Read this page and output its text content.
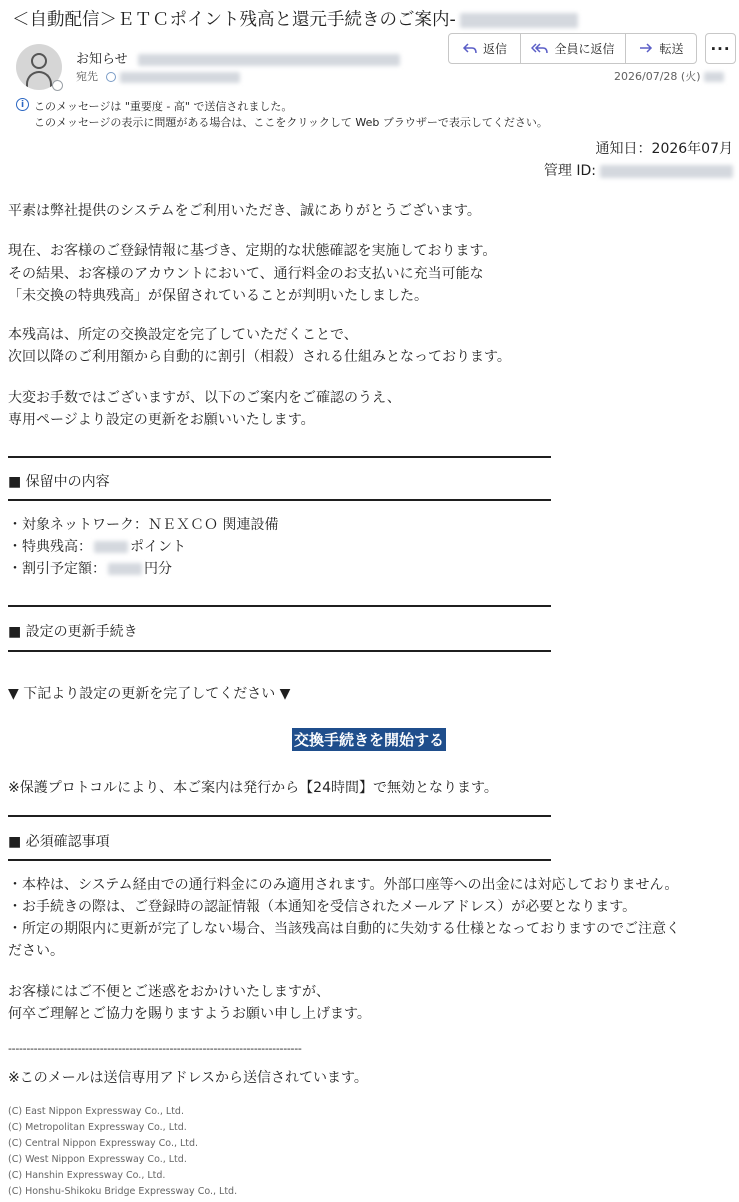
＜自動配信＞ＥＴＣポイント残高と還元手続きのご案内-
お知らせ
宛先
返信	全員に返信	転送 ···
2026/07/28 (火)
i このメッセージは "重要度 - 高" で送信されました。
このメッセージの表示に問題がある場合は、ここをクリックして Web ブラウザーで表示してください。
通知日：2026年07月
管理 ID:
平素は弊社提供のシステムをご利用いただき、誠にありがとうございます。
現在、お客様のご登録情報に基づき、定期的な状態確認を実施しております。
その結果、お客様のアカウントにおいて、通行料金のお支払いに充当可能な
「未交換の特典残高」が保留されていることが判明いたしました。
本残高は、所定の交換設定を完了していただくことで、
次回以降のご利用額から自動的に割引（相殺）される仕組みとなっております。
大変お手数ではございますが、以下のご案内をご確認のうえ、
専用ページより設定の更新をお願いいたします。
■ 保留中の内容
・対象ネットワーク：ＮＥＸＣＯ 関連設備
・特典残高：	ポイント
・割引予定額：	円分
■ 設定の更新手続き
▼ 下記より設定の更新を完了してください ▼
交換手続きを開始する
※保護プロトコルにより、本ご案内は発行から【24時間】で無効となります。
■ 必須確認事項
・本枠は、システム経由での通行料金にのみ適用されます。外部口座等への出金には対応しておりません。
・お手続きの際は、ご登録時の認証情報（本通知を受信されたメールアドレス）が必要となります。
・所定の期限内に更新が完了しない場合、当該残高は自動的に失効する仕様となっておりますのでご注意く
ださい。
お客様にはご不便とご迷惑をおかけいたしますが、
何卒ご理解とご協力を賜りますようお願い申し上げます。
--------------------------------------------------------------------------------
※このメールは送信専用アドレスから送信されています。
(C) East Nippon Expressway Co., Ltd.
(C) Metropolitan Expressway Co., Ltd.
(C) Central Nippon Expressway Co., Ltd.
(C) West Nippon Expressway Co., Ltd.
(C) Hanshin Expressway Co., Ltd.
(C) Honshu-Shikoku Bridge Expressway Co., Ltd.
